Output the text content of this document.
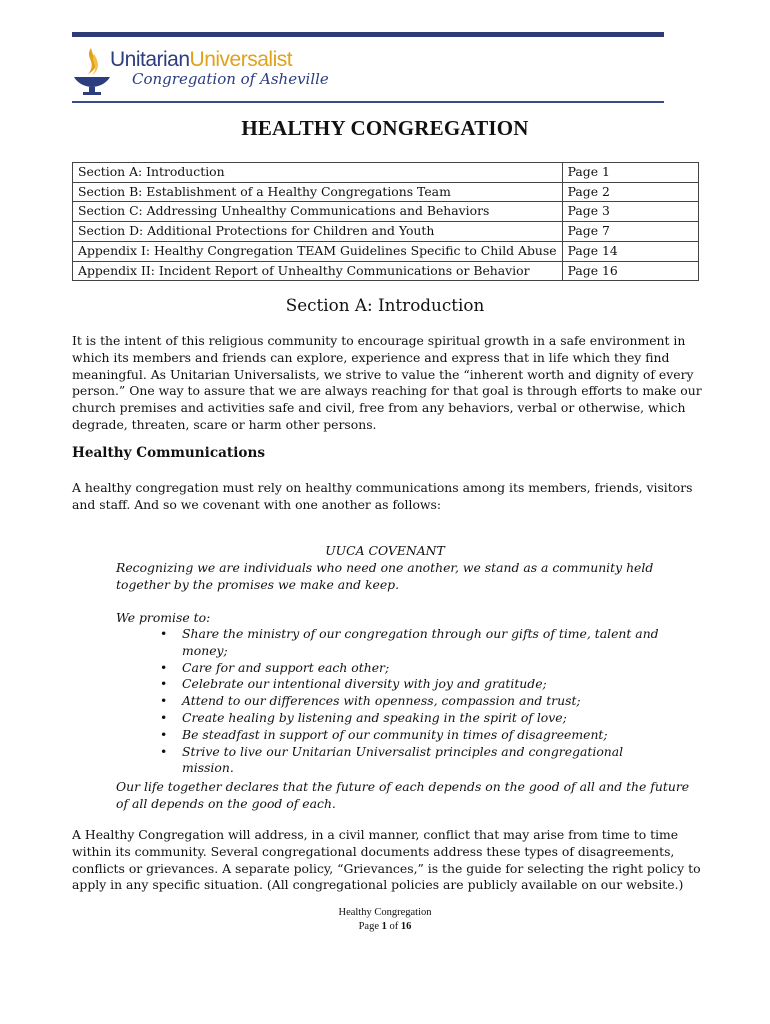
UnitarianUniversalist
Congregation of Asheville
HEALTHY CONGREGATION
Section A: Introduction	Page 1
Section B: Establishment of a Healthy Congregations Team	Page 2
Section C: Addressing Unhealthy Communications and Behaviors	Page 3
Section D: Additional Protections for Children and Youth	Page 7
Appendix I: Healthy Congregation TEAM Guidelines Specific to Child Abuse	Page 14
Appendix II: Incident Report of Unhealthy Communications or Behavior	Page 16
Section A: Introduction
It is the intent of this religious community to encourage spiritual growth in a safe environment in which its members and friends can explore, experience and express that in life which they find meaningful. As Unitarian Universalists, we strive to value the “inherent worth and dignity of every person.” One way to assure that we are always reaching for that goal is through efforts to make our church premises and activities safe and civil, free from any behaviors, verbal or otherwise, which degrade, threaten, scare or harm other persons.
Healthy Communications
A healthy congregation must rely on healthy communications among its members, friends, visitors and staff. And so we covenant with one another as follows:
UUCA COVENANT
Recognizing we are individuals who need one another, we stand as a community held together by the promises we make and keep.
We promise to:
• Share the ministry of our congregation through our gifts of time, talent and money;
• Care for and support each other;
• Celebrate our intentional diversity with joy and gratitude;
• Attend to our differences with openness, compassion and trust;
• Create healing by listening and speaking in the spirit of love;
• Be steadfast in support of our community in times of disagreement;
• Strive to live our Unitarian Universalist principles and congregational mission.
Our life together declares that the future of each depends on the good of all and the future of all depends on the good of each.
A Healthy Congregation will address, in a civil manner, conflict that may arise from time to time within its community. Several congregational documents address these types of disagreements, conflicts or grievances. A separate policy, “Grievances,” is the guide for selecting the right policy to apply in any specific situation. (All congregational policies are publicly available on our website.)
Healthy Congregation
Page 1 of 16
